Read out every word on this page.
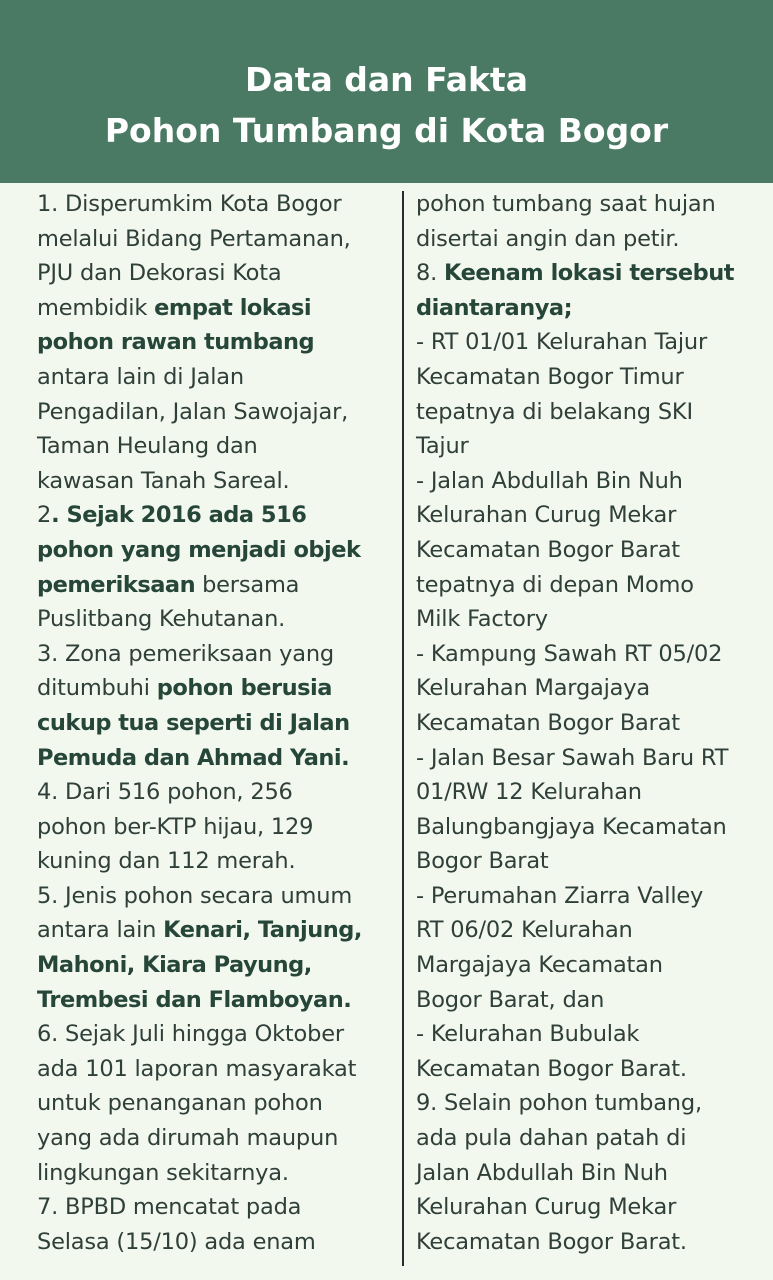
Data dan Fakta
Pohon Tumbang di Kota Bogor
1. Disperumkim Kota Bogor
melalui Bidang Pertamanan,
PJU dan Dekorasi Kota
membidik empat lokasi
pohon rawan tumbang
antara lain di Jalan
Pengadilan, Jalan Sawojajar,
Taman Heulang dan
kawasan Tanah Sareal.
2. Sejak 2016 ada 516
pohon yang menjadi objek
pemeriksaan bersama
Puslitbang Kehutanan.
3. Zona pemeriksaan yang
ditumbuhi pohon berusia
cukup tua seperti di Jalan
Pemuda dan Ahmad Yani.
4. Dari 516 pohon, 256
pohon ber-KTP hijau, 129
kuning dan 112 merah.
5. Jenis pohon secara umum
antara lain Kenari, Tanjung,
Mahoni, Kiara Payung,
Trembesi dan Flamboyan.
6. Sejak Juli hingga Oktober
ada 101 laporan masyarakat
untuk penanganan pohon
yang ada dirumah maupun
lingkungan sekitarnya.
7. BPBD mencatat pada
Selasa (15/10) ada enam
pohon tumbang saat hujan
disertai angin dan petir.
8. Keenam lokasi tersebut
diantaranya;
- RT 01/01 Kelurahan Tajur
Kecamatan Bogor Timur
tepatnya di belakang SKI
Tajur
- Jalan Abdullah Bin Nuh
Kelurahan Curug Mekar
Kecamatan Bogor Barat
tepatnya di depan Momo
Milk Factory
- Kampung Sawah RT 05/02
Kelurahan Margajaya
Kecamatan Bogor Barat
- Jalan Besar Sawah Baru RT
01/RW 12 Kelurahan
Balungbangjaya Kecamatan
Bogor Barat
- Perumahan Ziarra Valley
RT 06/02 Kelurahan
Margajaya Kecamatan
Bogor Barat, dan
- Kelurahan Bubulak
Kecamatan Bogor Barat.
9. Selain pohon tumbang,
ada pula dahan patah di
Jalan Abdullah Bin Nuh
Kelurahan Curug Mekar
Kecamatan Bogor Barat.
